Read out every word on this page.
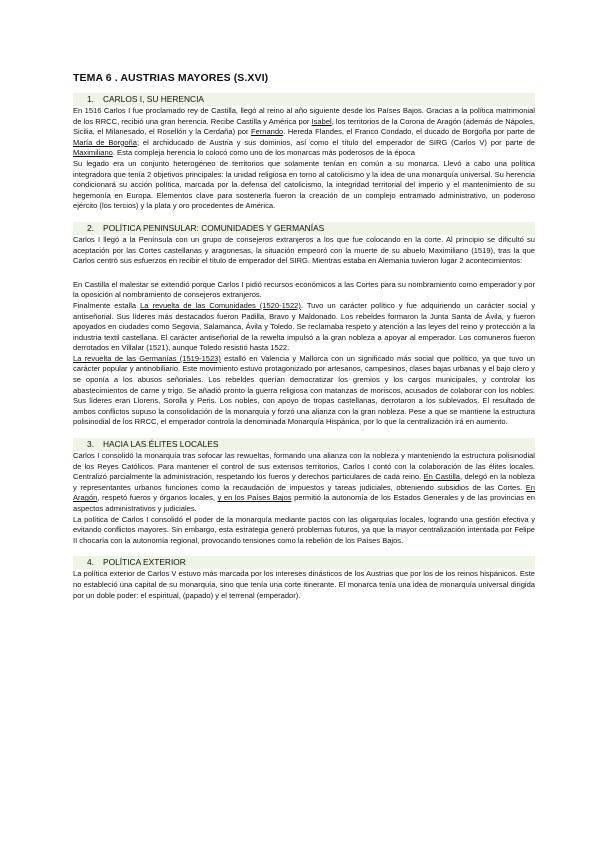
TEMA 6 . AUSTRIAS MAYORES (S.XVI)
1. CARLOS I, SU HERENCIA

En 1516 Carlos I fue proclamado rey de Castilla, llegó al reino al año siguiente desde los Países Bajos. Gracias a la política matrimonial de los RRCC, recibió una gran herencia. Recibe Castilla y América por Isabel, los territorios de la Corona de Aragón (además de Nápoles, Sicilia, el Milanesado, el Rosellón y la Cerdaña) por Fernando. Hereda Flandes, el Franco Condado, el ducado de Borgoña por parte de María de Borgoña; el archiducado de Austria y sus dominios, así como el título del emperador de SIRG (Carlos V) por parte de Maximiliano. Esta compleja herencia lo colocó como uno de los monarcas más poderosos de la época

Su legado era un conjunto heterogéneo de territorios que solamente tenían en común a su monarca. Llevó a cabo una política integradora que tenía 2 objetivos principales: la unidad religiosa en torno al catolicismo y la idea de una monarquía universal. Su herencia condicionará su acción política, marcada por la defensa del catolicismo, la integridad territorial del imperio y el mantenimiento de su hegemonía en Europa. Elementos clave para sostenerla fueron la creación de un complejo entramado administrativo, un poderoso ejército (los tercios) y la plata y oro procedentes de América.

2. POLÍTICA PENINSULAR: COMUNIDADES Y GERMANÍAS

Carlos I llegó a la Península con un grupo de consejeros extranjeros a los que fue colocando en la corte. Al principio se dificultó su aceptación por las Cortes castellanas y aragonesas, la situación empeoró con la muerte de su abuelo Maximiliano (1519), tras la que Carlos centró sus esfuerzos en recibir el título de emperador del SIRG. Mientras estaba en Alemania tuvieron lugar 2 acontecimientos:

En Castilla el malestar se extendió porque Carlos I pidió recursos económicos a las Cortes para su nombramiento como emperador y por la oposición al nombramiento de consejeros extranjeros.

Finalmente estalla La revuelta de las Comunidades (1520-1522). Tuvo un carácter político y fue adquiriendo un carácter social y antiseñorial. Sus líderes más destacados fueron Padilla, Bravo y Maldonado. Los rebeldes formaron la Junta Santa de Ávila, y fueron apoyados en ciudades como Segovia, Salamanca, Ávila y Toledo. Se reclamaba respeto y atención a las leyes del reino y protección a la industria textil castellana. El carácter antiseñorial de la rewelta impulsó a la gran nobleza a apoyar al emperador. Los comuneros fueron derrotados en Villalar (1521), aunque Toledo resistió hasta 1522.

La revuelta de las Germanías (1519-1523) estalló en Valencia y Mallorca con un significado más social que político, ya que tuvo un carácter popular y antinobiliario. Este movimiento estuvo protagonizado por artesanos, campesinos, clases bajas urbanas y el bajo clero y se oponía a los abusos señoriales. Los rebeldes querían democratizar los gremios y los cargos municipales, y controlar los abastecimientos de carne y trigo. Se añadió pronto la guerra religiosa con matanzas de moriscos, acusados de colaborar con los nobles. Sus líderes eran Llorens, Sorolla y Peris. Los nobles, con apoyo de tropas castellanas, derrotaron a los sublevados. El resultado de ambos conflictos supuso la consolidación de la monarquía y forzó una alianza con la gran nobleza. Pese a que se mantiene la estructura polisinodial de los RRCC, el emperador controla la denominada Monarquía Hispánica, por lo que la centralización irá en aumento.

3. HACIA LAS ÉLITES LOCALES

Carlos I consolidó la monarquía tras sofocar las rewueltas, formando una alianza con la nobleza y manteniendo la estructura polisinodial de los Reyes Católicos. Para mantener el control de sus extensos territorios, Carlos I contó con la colaboración de las élites locales. Centralizó parcialmente la administración, respetando los fueros y derechos particulares de cada reino. En Castilla, delegó en la nobleza y representantes urbanos funciones como la recaudación de impuestos y tareas judiciales, obteniendo subsidios de las Cortes. En Aragón, respetó fueros y órganos locales, y en los Países Bajos permitió la autonomía de los Estados Generales y de las provincias en aspectos administrativos y judiciales.

La política de Carlos I consolidó el poder de la monarquía mediante pactos con las oligarquías locales, logrando una gestión efectiva y evitando conflictos mayores. Sin embargo, esta estrategia generó problemas futuros, ya que la mayor centralización intentada por Felipe II chocaría con la autonomía regional, provocando tensiones como la rebelión de los Países Bajos.

4. POLÍTICA EXTERIOR

La política exterior de Carlos V estuvo más marcada por los intereses dinásticos de los Austrias que por los de los reinos hispánicos. Este no estableció una capital de su monarquía, sino que tenía una corte itinerante. El monarca tenía una idea de monarquía universal dirigida por un doble poder: el espiritual, (papado) y el terrenal (emperador).
